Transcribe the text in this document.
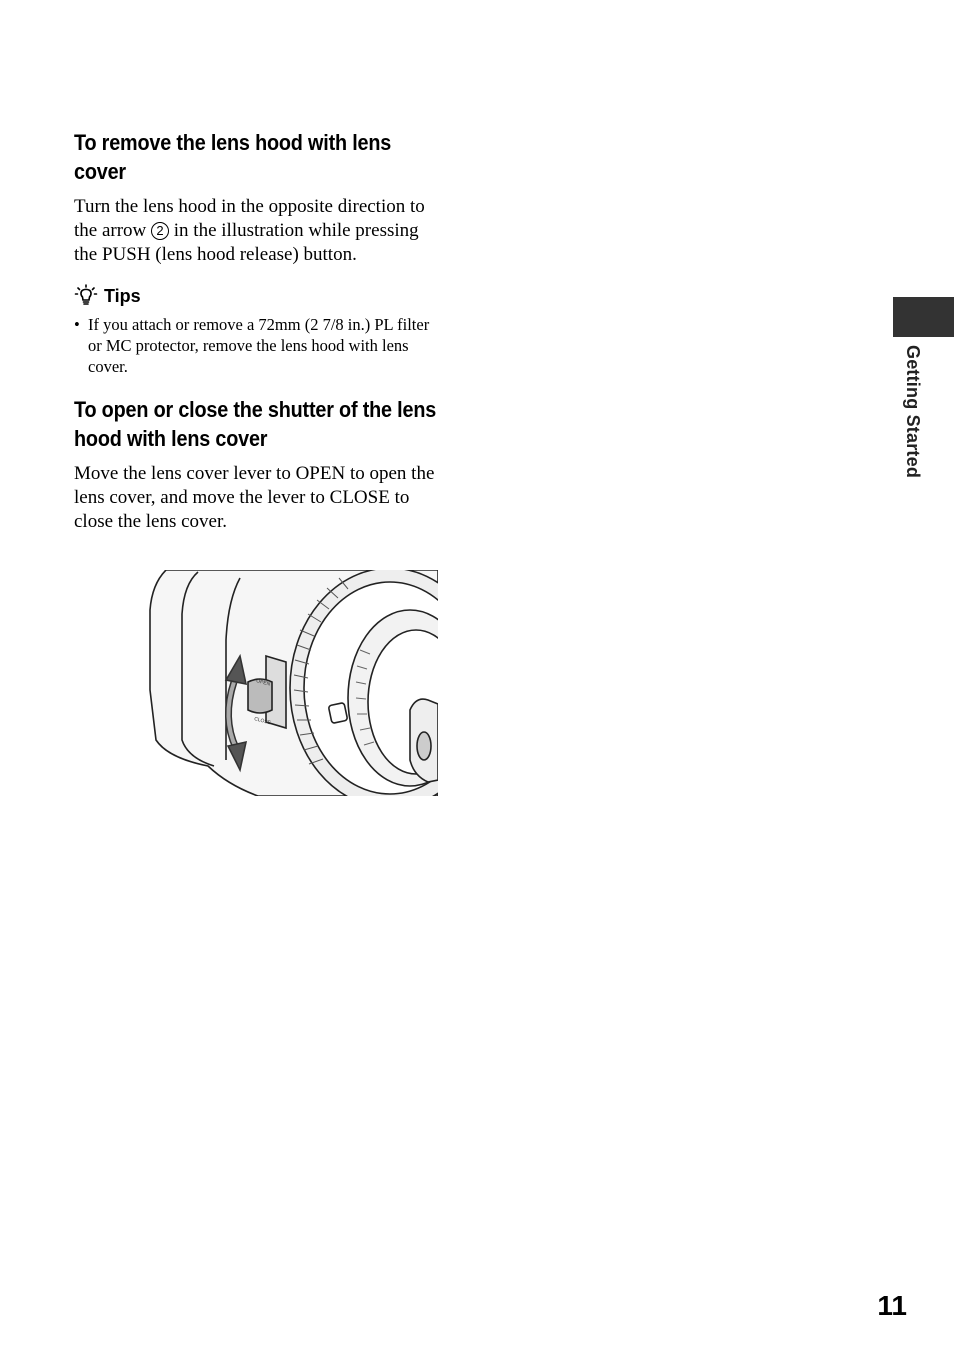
To remove the lens hood with lens cover

Turn the lens hood in the opposite direction to the arrow 2 in the illustration while pressing the PUSH (lens hood release) button.

Tips
• If you attach or remove a 72mm (2 7/8 in.) PL filter or MC protector, remove the lens hood with lens cover.
To open or close the shutter of the lens hood with lens cover

Move the lens cover lever to OPEN to open the lens cover, and move the lever to CLOSE to close the lens cover.

OPEN
CLOSE
Getting Started
11
